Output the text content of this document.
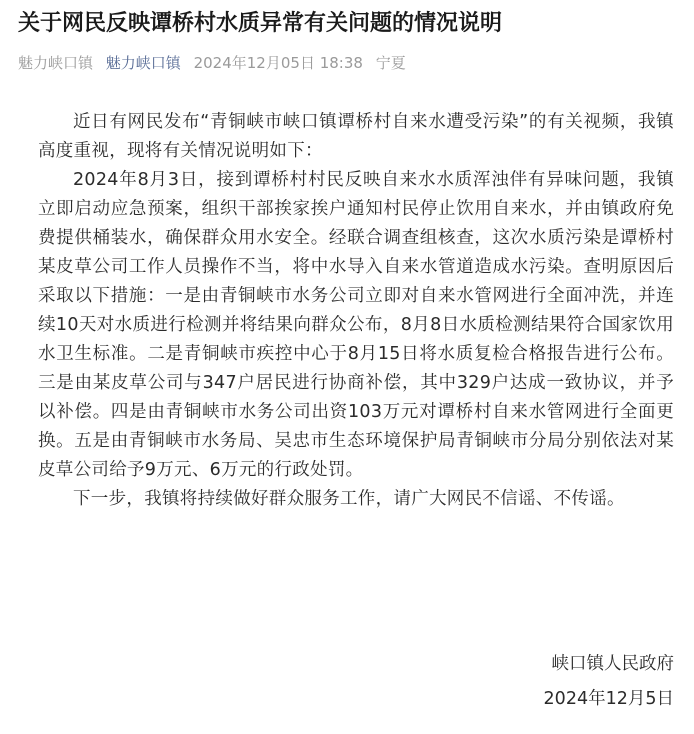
关于网民反映谭桥村水质异常有关问题的情况说明
魅力峡口镇 魅力峡口镇 2024年12月05日 18:38 宁夏

近日有网民发布“青铜峡市峡口镇谭桥村自来水遭受污染”的有关视频，我镇高度重视，现将有关情况说明如下：

2024年8月3日，接到谭桥村村民反映自来水水质浑浊伴有异味问题，我镇立即启动应急预案，组织干部挨家挨户通知村民停止饮用自来水，并由镇政府免费提供桶装水，确保群众用水安全。经联合调查组核查，这次水质污染是谭桥村某皮草公司工作人员操作不当，将中水导入自来水管道造成水污染。查明原因后采取以下措施：一是由青铜峡市水务公司立即对自来水管网进行全面冲洗，并连续10天对水质进行检测并将结果向群众公布，8月8日水质检测结果符合国家饮用水卫生标准。二是青铜峡市疾控中心于8月15日将水质复检合格报告进行公布。三是由某皮草公司与347户居民进行协商补偿，其中329户达成一致协议，并予以补偿。四是由青铜峡市水务公司出资103万元对谭桥村自来水管网进行全面更换。五是由青铜峡市水务局、吴忠市生态环境保护局青铜峡市分局分别依法对某皮草公司给予9万元、6万元的行政处罚。

下一步，我镇将持续做好群众服务工作，请广大网民不信谣、不传谣。

峡口镇人民政府
2024年12月5日
